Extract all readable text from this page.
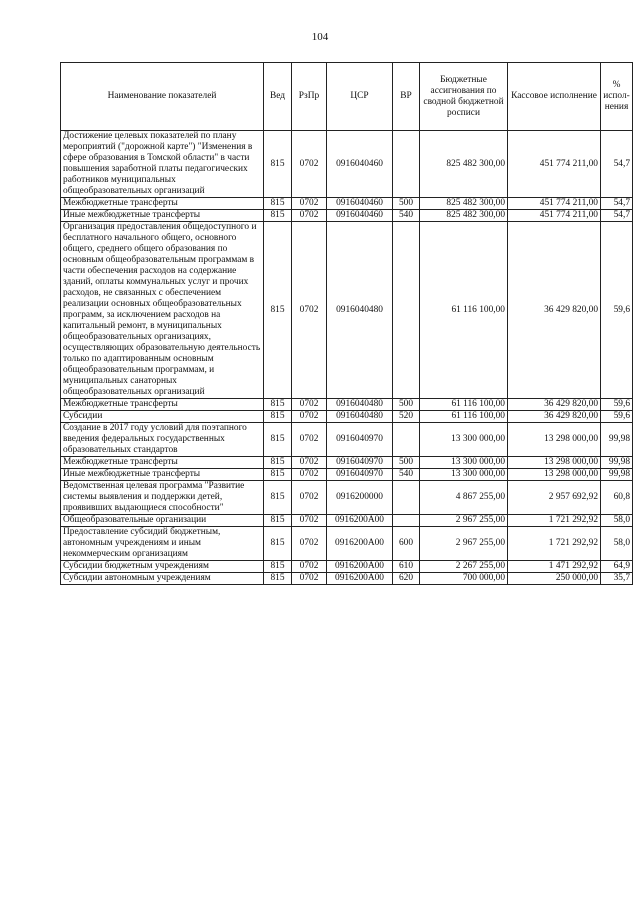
104
Наименование показателей	Вед	РзПр	ЦСР	ВР	Бюджетные ассигнования по сводной бюджетной росписи	Кассовое исполнение	% испол-нения
Достижение целевых показателей по плану мероприятий ("дорожной карте") "Изменения в сфере образования в Томской области" в части повышения заработной платы педагогических работников муниципальных общеобразовательных организаций	815	0702	0916040460		825 482 300,00	451 774 211,00	54,7
Межбюджетные трансферты	815	0702	0916040460	500	825 482 300,00	451 774 211,00	54,7
Иные межбюджетные трансферты	815	0702	0916040460	540	825 482 300,00	451 774 211,00	54,7
Организация предоставления общедоступного и бесплатного начального общего, основного общего, среднего общего образования по основным общеобразовательным программам в части обеспечения расходов на содержание зданий, оплаты коммунальных услуг и прочих расходов, не связанных с обеспечением реализации основных общеобразовательных программ, за исключением расходов на капитальный ремонт, в муниципальных общеобразовательных организациях, осуществляющих образовательную деятельность только по адаптированным основным общеобразовательным программам, и муниципальных санаторных общеобразовательных организаций	815	0702	0916040480		61 116 100,00	36 429 820,00	59,6
Межбюджетные трансферты	815	0702	0916040480	500	61 116 100,00	36 429 820,00	59,6
Субсидии	815	0702	0916040480	520	61 116 100,00	36 429 820,00	59,6
Создание в 2017 году условий для поэтапного введения федеральных государственных образовательных стандартов	815	0702	0916040970		13 300 000,00	13 298 000,00	99,98
Межбюджетные трансферты	815	0702	0916040970	500	13 300 000,00	13 298 000,00	99,98
Иные межбюджетные трансферты	815	0702	0916040970	540	13 300 000,00	13 298 000,00	99,98
Ведомственная целевая программа "Развитие системы выявления и поддержки детей, проявивших выдающиеся способности"	815	0702	0916200000		4 867 255,00	2 957 692,92	60,8
Общеобразовательные организации	815	0702	0916200А00		2 967 255,00	1 721 292,92	58,0
Предоставление субсидий бюджетным, автономным учреждениям и иным некоммерческим организациям	815	0702	0916200А00	600	2 967 255,00	1 721 292,92	58,0
Субсидии бюджетным учреждениям	815	0702	0916200А00	610	2 267 255,00	1 471 292,92	64,9
Субсидии автономным учреждениям	815	0702	0916200А00	620	700 000,00	250 000,00	35,7
